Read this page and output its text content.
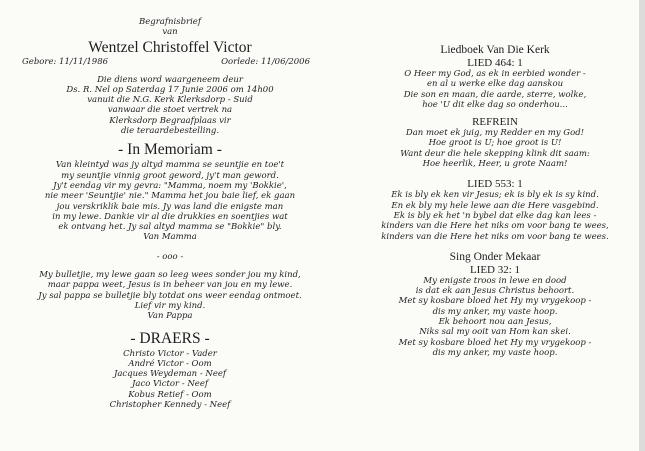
Begrafnisbrief
van
Wentzel Christoffel Victor
Gebore: 11/11/1986	Oorlede: 11/06/2006
Die diens word waargeneem deur
Ds. R. Nel op Saterdag 17 Junie 2006 om 14h00
vanuit die N.G. Kerk Klerksdorp - Suid
vanwaar die stoet vertrek na
Klerksdorp Begraafplaas vir
die teraardebestelling.
- In Memoriam -
Van kleintyd was jy altyd mamma se seuntjie en toe't
my seuntjie vinnig groot geword, jy't man geword.
Jy't eendag vir my gevra: "Mamma, noem my 'Bokkie',
nie meer 'Seuntjie' nie." Mamma het jou baie lief, ek gaan
jou verskriklik baie mis. Jy was land die enigste man
in my lewe. Dankie vir al die drukkies en soentjies wat
ek ontvang het. Jy sal altyd mamma se "Bokkie" bly.
Van Mamma
- ooo -
My bulletjie, my lewe gaan so leeg wees sonder jou my kind,
maar pappa weet, Jesus is in beheer van jou en my lewe.
Jy sal pappa se bulletjie bly totdat ons weer eendag ontmoet.
Lief vir my kind.
Van Pappa
- DRAERS -
Christo Victor - Vader
André Victor - Oom
Jacques Weydeman - Neef
Jaco Victor - Neef
Kobus Retief - Oom
Christopher Kennedy - Neef
Liedboek Van Die Kerk
LIED 464: 1
O Heer my God, as ek in eerbied wonder -
en al u werke elke dag aanskou
Die son en maan, die aarde, sterre, wolke,
hoe 'U dit elke dag so onderhou...
REFREIN
Dan moet ek juig, my Redder en my God!
Hoe groot is U; hoe groot is U!
Want deur die hele skepping klink dit saam:
Hoe heerlik, Heer, u grote Naam!
LIED 553: 1
Ek is bly ek ken vir Jesus; ek is bly ek is sy kind.
En ek bly my hele lewe aan die Here vasgebind.
Ek is bly ek het 'n bybel dat elke dag kan lees -
kinders van die Here het niks om voor bang te wees,
kinders van die Here het niks om voor bang te wees.
Sing Onder Mekaar
LIED 32: 1
My enigste troos in lewe en dood
is dat ek aan Jesus Christus behoort.
Met sy kosbare bloed het Hy my vrygekoop -
dis my anker, my vaste hoop.
Ek behoort nou aan Jesus,
Niks sal my ooit van Hom kan skei.
Met sy kosbare bloed het Hy my vrygekoop -
dis my anker, my vaste hoop.
